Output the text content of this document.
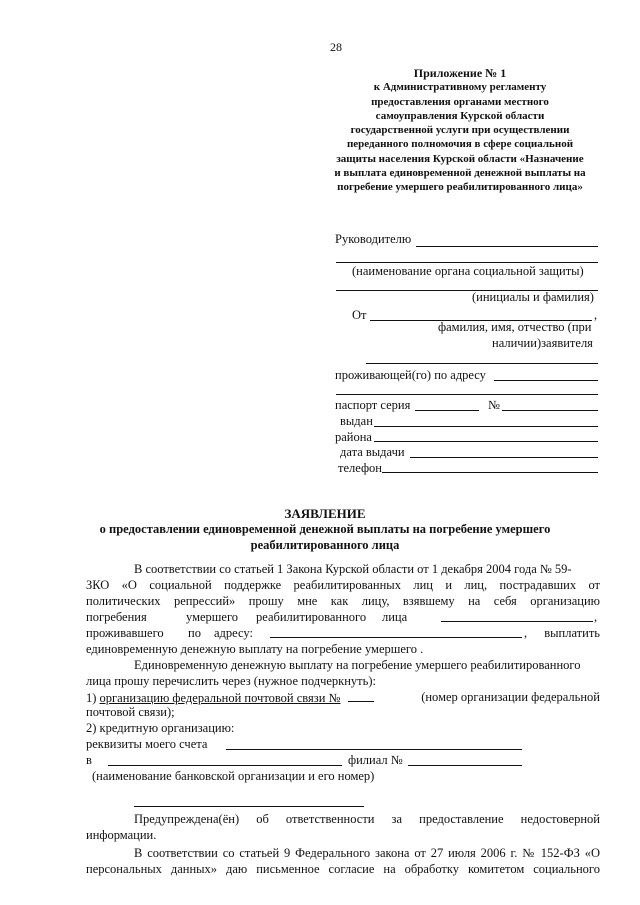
28
Приложение № 1
к Административному регламенту
предоставления органами местного
самоуправления Курской области
государственной услуги при осуществлении
переданного полномочия в сфере социальной
защиты населения Курской области «Назначение
и выплата единовременной денежной выплаты на
погребение умершего реабилитированного лица»
Руководителю
(наименование органа социальной защиты)
(инициалы и фамилия)
От	,
фамилия, имя, отчество (при
наличии)заявителя
проживающей(го) по адресу
паспорт серия	№
выдан
района
дата выдачи
телефон
ЗАЯВЛЕНИЕ
о предоставлении единовременной денежной выплаты на погребение умершего
реабилитированного лица
В соответствии со статьей 1 Закона Курской области от 1 декабря 2004 года № 59-
ЗКО «О социальной поддержке реабилитированных лиц и лиц, пострадавших от
политических репрессий» прошу мне как лицу, взявшему на себя организацию
погребения	умершего реабилитированного лица	,
проживавшего по адресу:	, выплатить
единовременную денежную выплату на погребение умершего .
Единовременную денежную выплату на погребение умершего реабилитированного
лица прошу перечислить через (нужное подчеркнуть):
1) организацию федеральной почтовой связи №	(номер организации федеральной
почтовой связи);
2) кредитную организацию:
реквизиты моего счета
в	филиал №
(наименование банковской организации и его номер)
Предупреждена(ён) об ответственности за предоставление недостоверной
информации.
В соответствии со статьей 9 Федерального закона от 27 июля 2006 г. № 152-ФЗ «О
персональных данных» даю письменное согласие на обработку комитетом социального
